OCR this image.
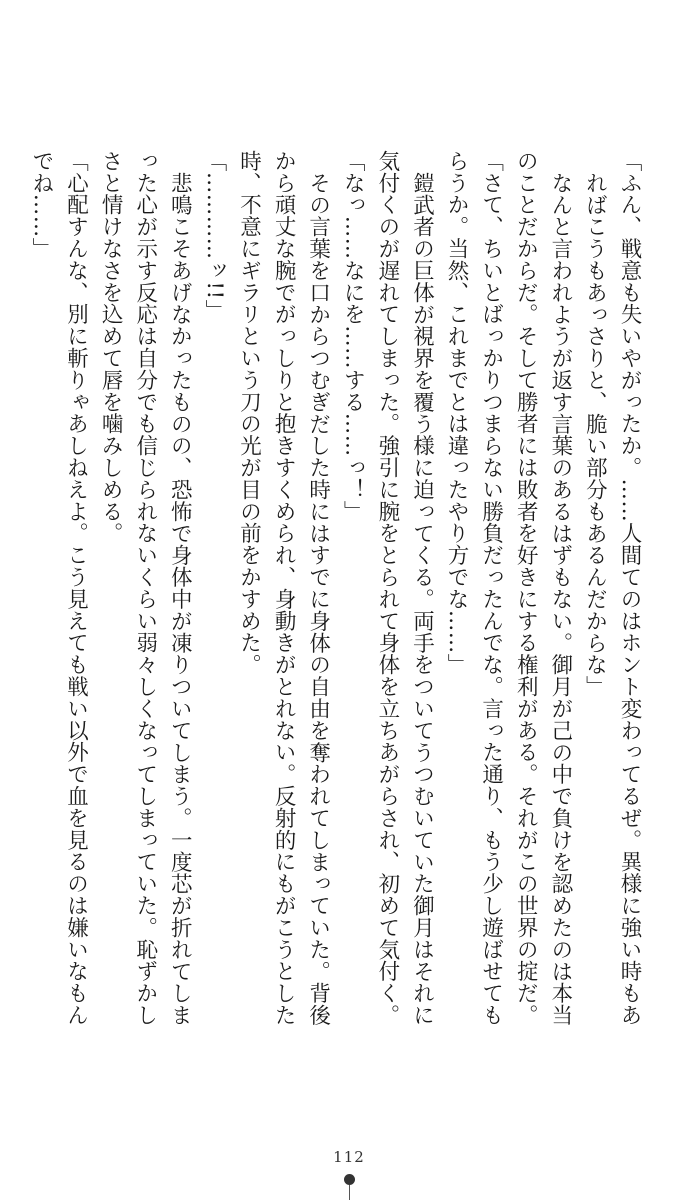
「ふん、戦意も失いやがったか。……人間てのはホント変わってるぜ。異様に強い時もあ
ればこうもあっさりと、脆い部分もあるんだからな」
なんと言われようが返す言葉のあるはずもない。御月が己の中で負けを認めたのは本当
のことだからだ。そして勝者には敗者を好きにする権利がある。それがこの世界の掟だ。
「さて、ちいとばっかりつまらない勝負だったんでな。言った通り、もう少し遊ばせても
らうか。当然、これまでとは違ったやり方でな……」
鎧武者の巨体が視界を覆う様に迫ってくる。両手をついてうつむいていた御月はそれに
気付くのが遅れてしまった。強引に腕をとられて身体を立ちあがらされ、初めて気付く。
「なっ……なにを……する……っ！」
その言葉を口からつむぎだした時にはすでに身体の自由を奪われてしまっていた。背後
から頑丈な腕でがっしりと抱きすくめられ、身動きがとれない。反射的にもがこうとした
時、不意にギラリという刀の光が目の前をかすめた。
「…………ッ!!」
悲鳴こそあげなかったものの、恐怖で身体中が凍りついてしまう。一度芯が折れてしま
った心が示す反応は自分でも信じられないくらい弱々しくなってしまっていた。恥ずかし
さと情けなさを込めて唇を噛みしめる。
「心配すんな、別に斬りゃあしねえよ。こう見えても戦い以外で血を見るのは嫌いなもん
でね……」
112
